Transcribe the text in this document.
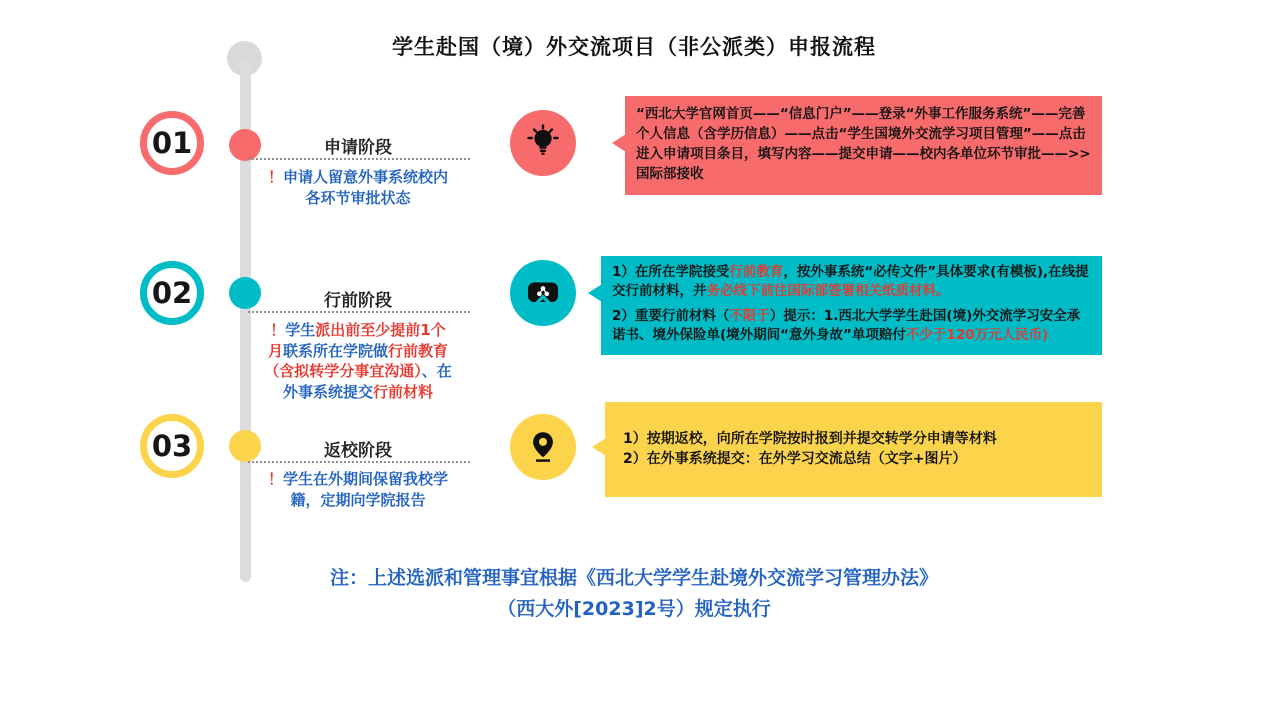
学生赴国（境）外交流项目（非公派类）申报流程
01	申请阶段
！申请人留意外事系统校内各环节审批状态

“西北大学官网首页——“信息门户”——登录“外事工作服务系统”——完善个人信息（含学历信息）——点击“学生国境外交流学习项目管理”——点击进入申请项目条目，填写内容——提交申请——校内各单位环节审批——>>国际部接收

02	行前阶段
！学生派出前至少提前1个月联系所在学院做行前教育（含拟转学分事宜沟通）、在外事系统提交行前材料

1）在所在学院接受行前教育，按外事系统“必传文件”具体要求(有模板),在线提交行前材料，并务必线下前往国际部签署相关纸质材料。

2）重要行前材料（不限于）提示：1.西北大学学生赴国(境)外交流学习安全承诺书、境外保险单(境外期间“意外身故”单项赔付不少于120万元人民币)

03	返校阶段
！学生在外期间保留我校学籍，定期向学院报告

1）按期返校，向所在学院按时报到并提交转学分申请等材料

2）在外事系统提交：在外学习交流总结（文字+图片）

注：上述选派和管理事宜根据《西北大学学生赴境外交流学习管理办法》
（西大外[2023]2号）规定执行
